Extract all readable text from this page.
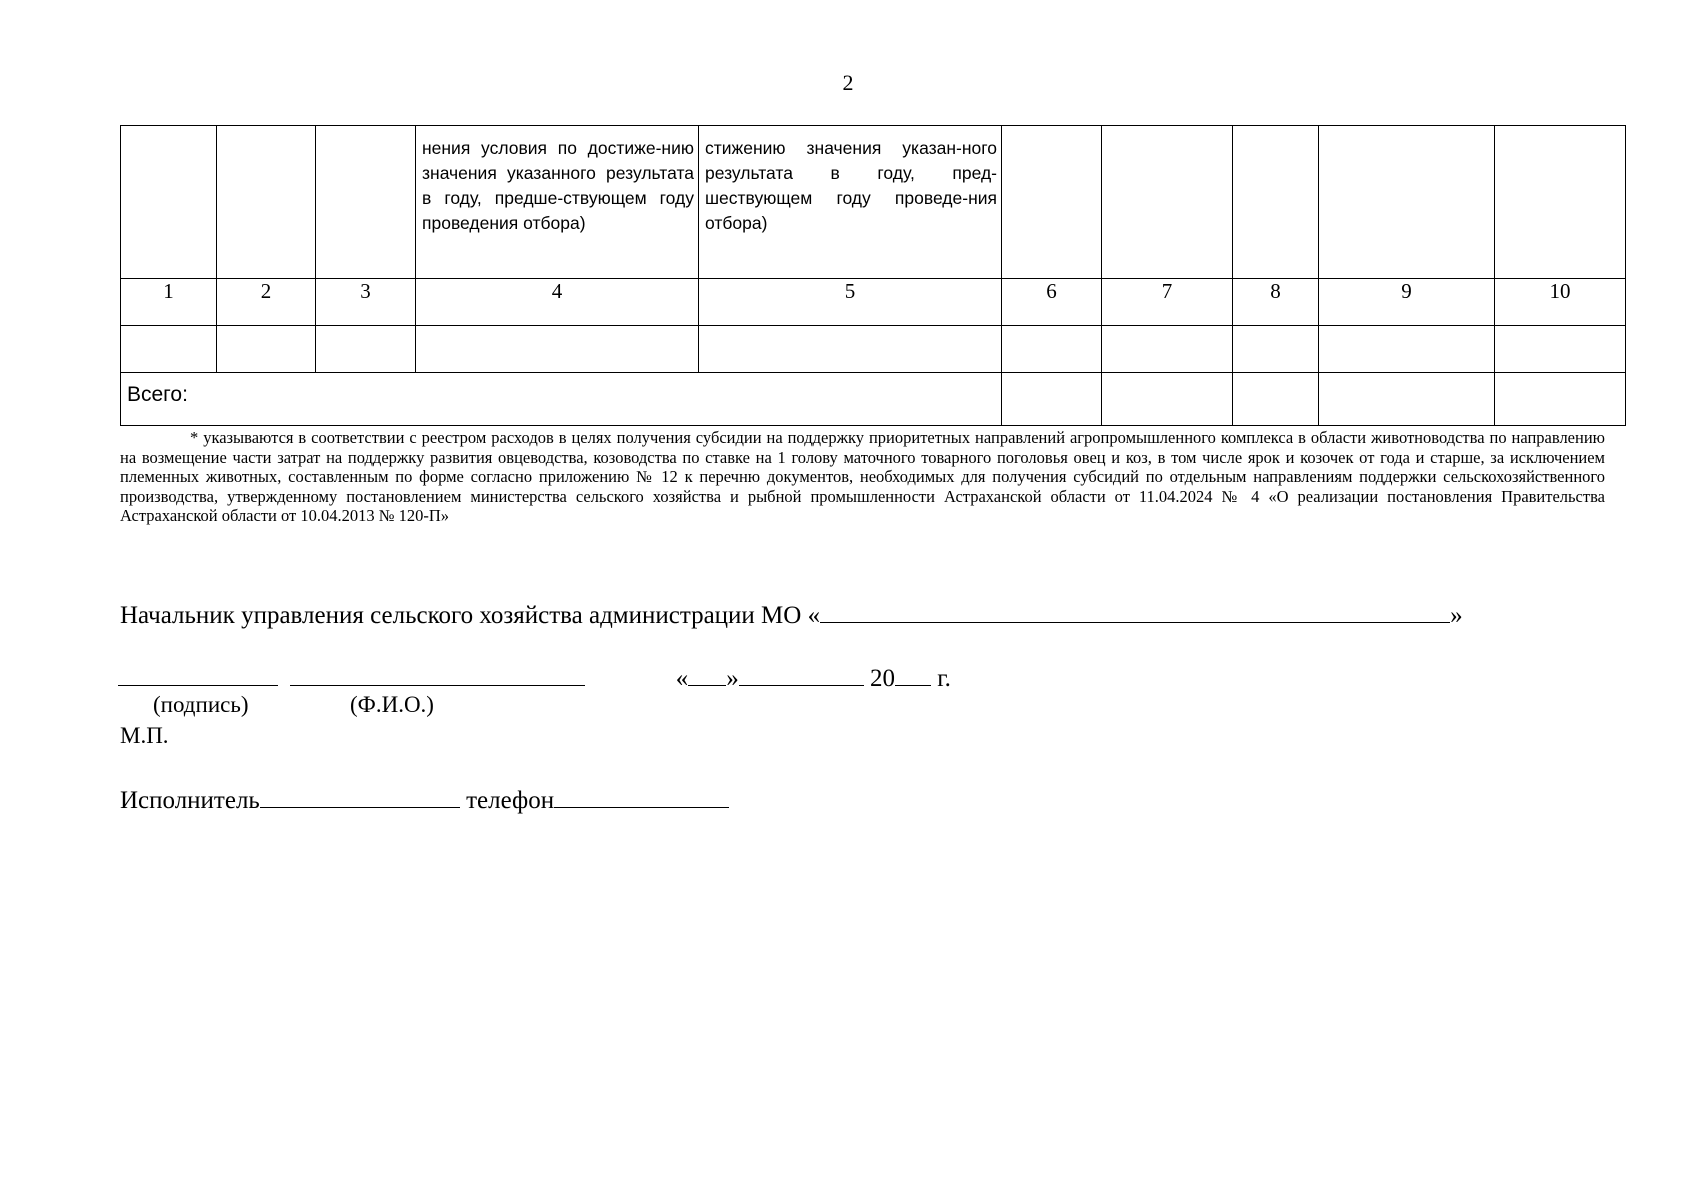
2

			нения условия по достиже-нию значения указанного результата в году, предше-ствующем году проведения отбора)	стижению значения указан-ного результата в году, пред-шествующем году проведе-ния отбора)					

1	2	3	4	5	6	7	8	9	10

Всего:									

* указываются в соответствии с реестром расходов в целях получения субсидии на поддержку приоритетных направлений агропромышленного комплекса в области животноводства по направлению на возмещение части затрат на поддержку развития овцеводства, козоводства по ставке на 1 голову маточного товарного поголовья овец и коз, в том числе ярок и козочек от года и старше, за исключением племенных животных, составленным по форме согласно приложению № 12 к перечню документов, необходимых для получения субсидий по отдельным направлениям поддержки сельскохозяйственного производства, утвержденному постановлением министерства сельского хозяйства и рыбной промышленности Астраханской области от 11.04.2024 № 4 «О реализации постановления Правительства Астраханской области от 10.04.2013 № 120-П»
Начальник управления сельского хозяйства администрации МО «	»
« »	20 г.
(подпись)	(Ф.И.О.)
М.П.
Исполнитель	телефон
